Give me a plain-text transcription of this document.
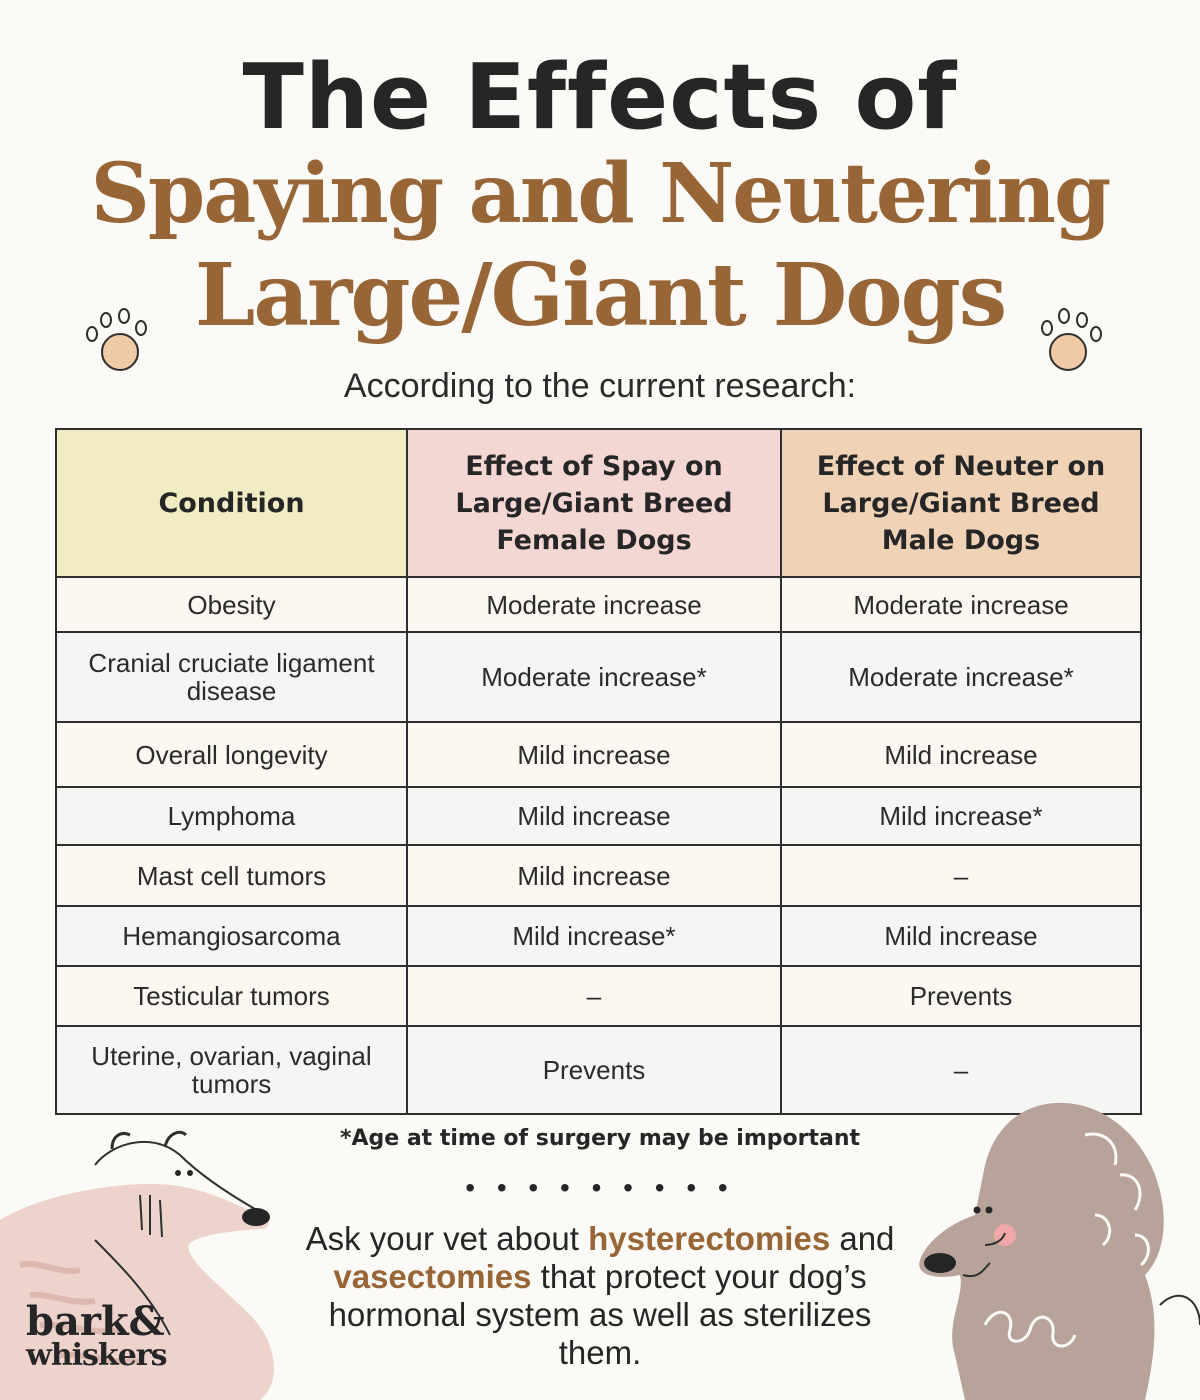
The Effects of
Spaying and Neutering
Large/Giant Dogs
According to the current research:
Condition	Effect of Spay on Large/Giant Breed Female Dogs	Effect of Neuter on Large/Giant Breed Male Dogs
Obesity	Moderate increase	Moderate increase
Cranial cruciate ligament disease	Moderate increase*	Moderate increase*
Overall longevity	Mild increase	Mild increase
Lymphoma	Mild increase	Mild increase*
Mast cell tumors	Mild increase	–
Hemangiosarcoma	Mild increase*	Mild increase
Testicular tumors	–	Prevents
Uterine, ovarian, vaginal tumors	Prevents	–
*Age at time of surgery may be important
• • • • • • • • •
Ask your vet about hysterectomies and vasectomies that protect your dog’s hormonal system as well as sterilizes them.
bark&
whiskers
